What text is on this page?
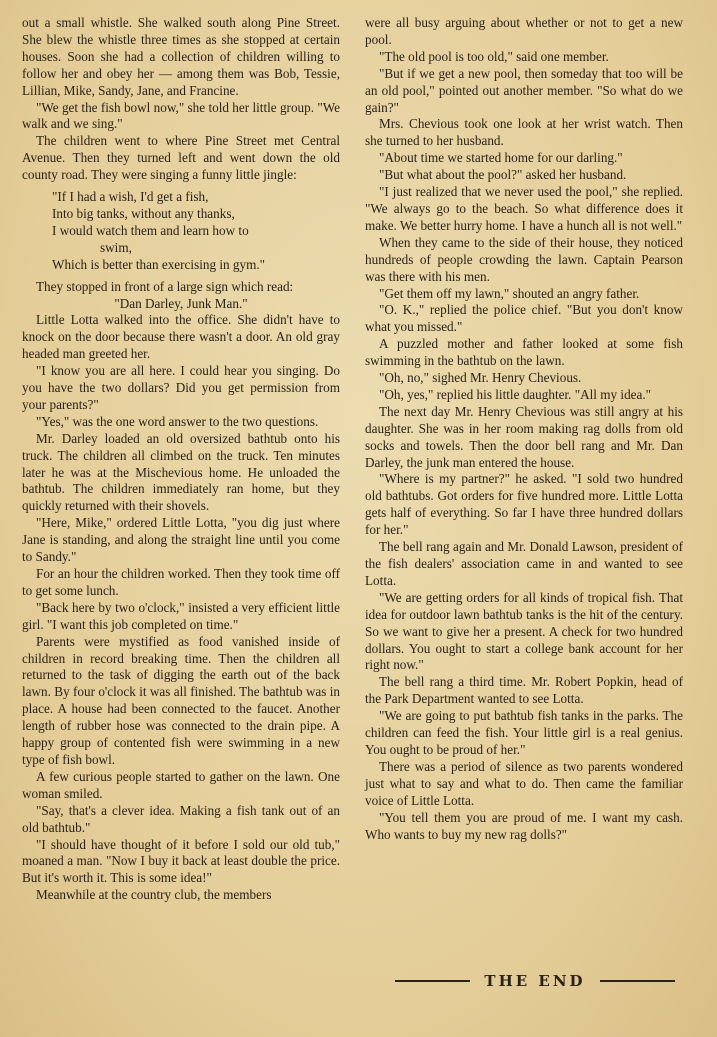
out a small whistle. She walked south along Pine Street. She blew the whistle three times as she stopped at certain houses. Soon she had a collection of children willing to follow her and obey her — among them was Bob, Tessie, Lillian, Mike, Sandy, Jane, and Francine.

"We get the fish bowl now," she told her little group. "We walk and we sing."

The children went to where Pine Street met Central Avenue. Then they turned left and went down the old county road. They were singing a funny little jingle:

"If I had a wish, I'd get a fish,
Into big tanks, without any thanks,
I would watch them and learn how to
swim,
Which is better than exercising in gym."

They stopped in front of a large sign which read:

"Dan Darley, Junk Man."

Little Lotta walked into the office. She didn't have to knock on the door because there wasn't a door. An old gray headed man greeted her.

"I know you are all here. I could hear you singing. Do you have the two dollars? Did you get permission from your parents?"

"Yes," was the one word answer to the two questions.

Mr. Darley loaded an old oversized bathtub onto his truck. The children all climbed on the truck. Ten minutes later he was at the Mischevious home. He unloaded the bathtub. The children immediately ran home, but they quickly returned with their shovels.

"Here, Mike," ordered Little Lotta, "you dig just where Jane is standing, and along the straight line until you come to Sandy."

For an hour the children worked. Then they took time off to get some lunch.

"Back here by two o'clock," insisted a very efficient little girl. "I want this job completed on time."

Parents were mystified as food vanished inside of children in record breaking time. Then the children all returned to the task of digging the earth out of the back lawn. By four o'clock it was all finished. The bathtub was in place. A house had been connected to the faucet. Another length of rubber hose was connected to the drain pipe. A happy group of contented fish were swimming in a new type of fish bowl.

A few curious people started to gather on the lawn. One woman smiled.

"Say, that's a clever idea. Making a fish tank out of an old bathtub."

"I should have thought of it before I sold our old tub," moaned a man. "Now I buy it back at least double the price. But it's worth it. This is some idea!"

Meanwhile at the country club, the members

were all busy arguing about whether or not to get a new pool.

"The old pool is too old," said one member.

"But if we get a new pool, then someday that too will be an old pool," pointed out another member. "So what do we gain?"

Mrs. Chevious took one look at her wrist watch. Then she turned to her husband.

"About time we started home for our darling."

"But what about the pool?" asked her husband.

"I just realized that we never used the pool," she replied. "We always go to the beach. So what difference does it make. We better hurry home. I have a hunch all is not well."

When they came to the side of their house, they noticed hundreds of people crowding the lawn. Captain Pearson was there with his men.

"Get them off my lawn," shouted an angry father.

"O. K.," replied the police chief. "But you don't know what you missed."

A puzzled mother and father looked at some fish swimming in the bathtub on the lawn.

"Oh, no," sighed Mr. Henry Chevious.

"Oh, yes," replied his little daughter. "All my idea."

The next day Mr. Henry Chevious was still angry at his daughter. She was in her room making rag dolls from old socks and towels. Then the door bell rang and Mr. Dan Darley, the junk man entered the house.

"Where is my partner?" he asked. "I sold two hundred old bathtubs. Got orders for five hundred more. Little Lotta gets half of everything. So far I have three hundred dollars for her."

The bell rang again and Mr. Donald Lawson, president of the fish dealers' association came in and wanted to see Lotta.

"We are getting orders for all kinds of tropical fish. That idea for outdoor lawn bathtub tanks is the hit of the century. So we want to give her a present. A check for two hundred dollars. You ought to start a college bank account for her right now."

The bell rang a third time. Mr. Robert Popkin, head of the Park Department wanted to see Lotta.

"We are going to put bathtub fish tanks in the parks. The children can feed the fish. Your little girl is a real genius. You ought to be proud of her."

There was a period of silence as two parents wondered just what to say and what to do. Then came the familiar voice of Little Lotta.

"You tell them you are proud of me. I want my cash. Who wants to buy my new rag dolls?"

THE END
